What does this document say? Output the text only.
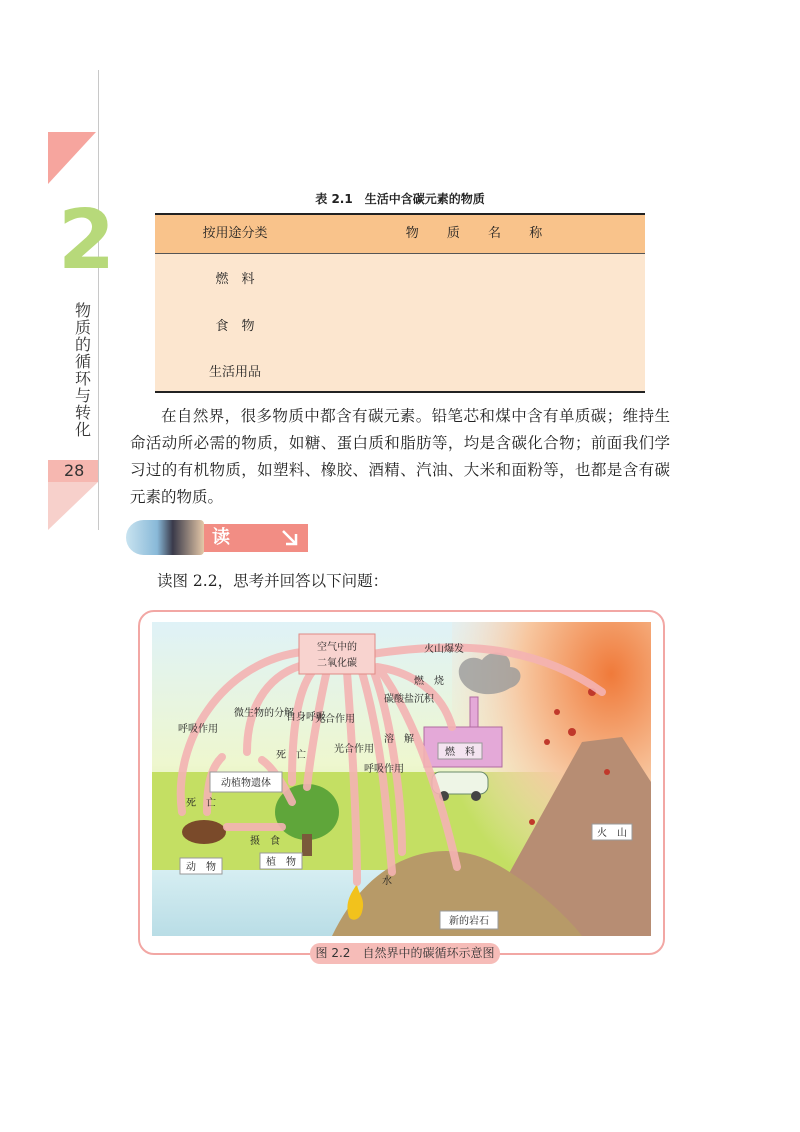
2
物质的循环与转化
28
表 2.1　生活中含碳元素的物质
按用途分类	物 质 名 称
燃　料
食　物
生活用品
在自然界，很多物质中都含有碳元素。铅笔芯和煤中含有单质碳；维持生命活动所必需的物质，如糖、蛋白质和脂肪等，均是含碳化合物；前面我们学习过的有机物质，如塑料、橡胶、酒精、汽油、大米和面粉等，也都是含有碳元素的物质。
读 图
读图 2.2，思考并回答以下问题：
空气中的
二氧化碳
火山爆发
燃　烧
碳酸盐沉积
呼吸作用
微生物的分解
死　亡
动植物遗体
死　亡
光合作用
自身呼吸
光合作用
呼吸作用
溶　解
燃　料
摄　食
动　物	植　物
水
新的岩石
火　山
图 2.2　自然界中的碳循环示意图
